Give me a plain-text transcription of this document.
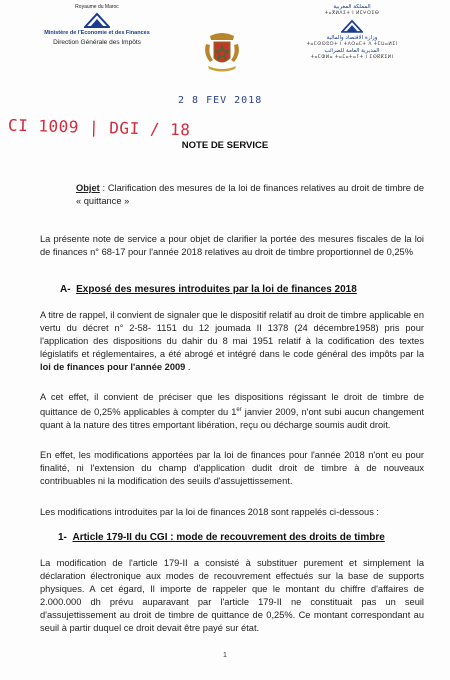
Royaume du Maroc
Ministère de l'Economie et des Finances
Direction Générale des Impôts
المملكة المغربية
ⵜⴰⴳⵍⴷⵉⵜ ⵏ ⵍⵎⵖⵔⵉⴱ
وزارة الاقتصاد والمالية
ⵜⴰⵎⵙⵙⵓⵔⵜ ⵏ ⵜⴷⵔⴰⵎⵜ ⴷ ⵜⵎⵡⴰⵍⵉⵏ
المديرية العامة للضرائب
ⵜⴰⵎⵀⵍⴰ ⵜⴰⵎⴰⵜⴰⵢⵜ ⵏ ⵉⵙⴽⴽⵉⵍⵏ
2 8 FEV 2018
CI 1009 | DGI / 18
NOTE DE SERVICE
Objet : Clarification des mesures de la loi de finances relatives au droit de timbre de « quittance »
La présente note de service a pour objet de clarifier la portée des mesures fiscales de la loi de finances n° 68-17 pour l'année 2018 relatives au droit de timbre proportionnel de 0,25%
A- Exposé des mesures introduites par la loi de finances 2018
A titre de rappel, il convient de signaler que le dispositif relatif au droit de timbre applicable en vertu du décret n° 2-58- 1151 du 12 joumada II 1378 (24 décembre1958) pris pour l'application des dispositions du dahir du 8 mai 1951 relatif à la codification des textes législatifs et réglementaires, a été abrogé et intégré dans le code général des impôts par la loi de finances pour l'année 2009 .
A cet effet, il convient de préciser que les dispositions régissant le droit de timbre de quittance de 0,25% applicables à compter du 1er janvier 2009, n'ont subi aucun changement quant à la nature des titres emportant libération, reçu ou décharge soumis audit droit.
En effet, les modifications apportées par la loi de finances pour l'année 2018 n'ont eu pour finalité, ni l'extension du champ d'application dudit droit de timbre à de nouveaux contribuables ni la modification des seuils d'assujettissement.
Les modifications introduites par la loi de finances 2018 sont rappelés ci-dessous :
1- Article 179-II du CGI : mode de recouvrement des droits de timbre
La modification de l'article 179-II a consisté à substituer purement et simplement la déclaration électronique aux modes de recouvrement effectués sur la base de supports physiques. A cet égard, Il importe de rappeler que le montant du chiffre d'affaires de 2.000.000 dh prévu auparavant par l'article 179-II ne constituait pas un seuil d'assujettissement au droit de timbre de quittance de 0,25%. Ce montant correspondant au seuil à partir duquel ce droit devait être payé sur état.
1
